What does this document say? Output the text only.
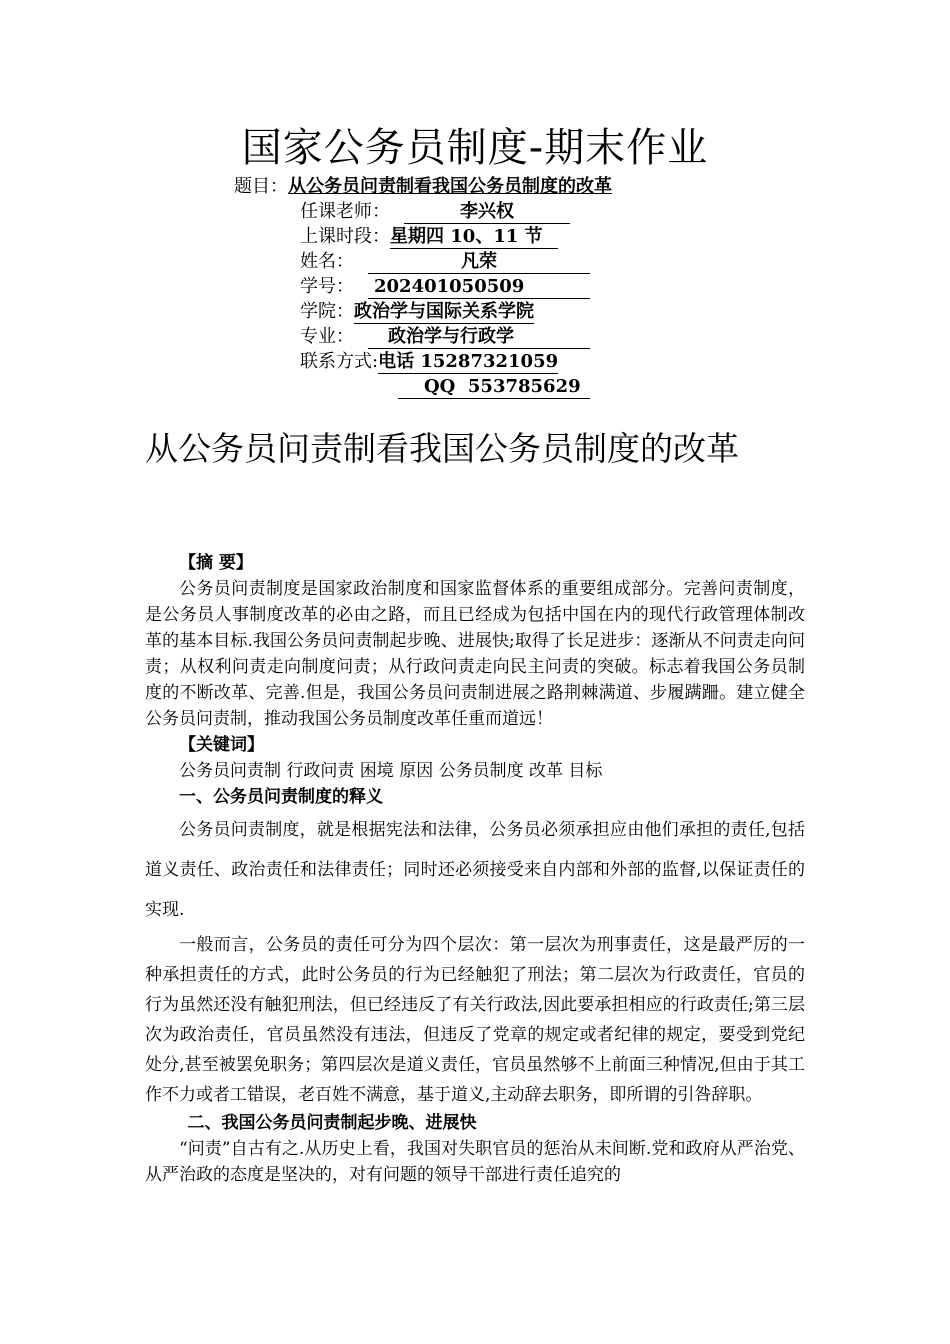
国家公务员制度-期末作业
题目：从公务员问责制看我国公务员制度的改革
任课老师：	李兴权
上课时段：星期四 10、11 节
姓名：	凡荣
学号： 202401050509
学院：政治学与国际关系学院
专业： 政治学与行政学
联系方式:电话 15287321059
QQ  553785629
从公务员问责制看我国公务员制度的改革

【摘 要】

公务员问责制度是国家政治制度和国家监督体系的重要组成部分。完善问责制度，是公务员人事制度改革的必由之路，而且已经成为包括中国在内的现代行政管理体制改革的基本目标.我国公务员问责制起步晚、进展快;取得了长足进步：逐渐从不问责走向问责；从权利问责走向制度问责；从行政问责走向民主问责的突破。标志着我国公务员制度的不断改革、完善.但是，我国公务员问责制进展之路荆棘满道、步履蹒跚。建立健全公务员问责制，推动我国公务员制度改革任重而道远！

【关键词】

公务员问责制 行政问责 困境 原因 公务员制度 改革 目标

一、公务员问责制度的释义

公务员问责制度，就是根据宪法和法律，公务员必须承担应由他们承担的责任,包括道义责任、政治责任和法律责任；同时还必须接受来自内部和外部的监督,以保证责任的实现.

一般而言，公务员的责任可分为四个层次：第一层次为刑事责任，这是最严厉的一种承担责任的方式，此时公务员的行为已经触犯了刑法；第二层次为行政责任，官员的行为虽然还没有触犯刑法，但已经违反了有关行政法,因此要承担相应的行政责任;第三层次为政治责任，官员虽然没有违法，但违反了党章的规定或者纪律的规定，要受到党纪处分,甚至被罢免职务；第四层次是道义责任，官员虽然够不上前面三种情况,但由于其工作不力或者工错误，老百姓不满意，基于道义,主动辞去职务，即所谓的引咎辞职。

二、我国公务员问责制起步晚、进展快

“问责”自古有之.从历史上看，我国对失职官员的惩治从未间断.党和政府从严治党、从严治政的态度是坚决的，对有问题的领导干部进行责任追究的
